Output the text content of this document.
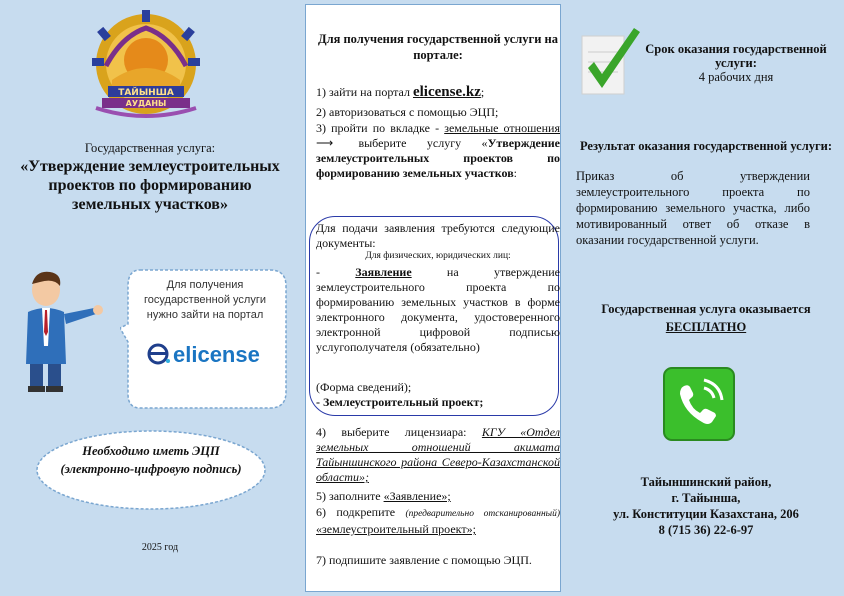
ТАЙЫНША
АУДАНЫ
Государственная услуга:
«Утверждение землеустроительных проектов по формированию земельных участков»
Для получения государственной услуги нужно зайти на портал
elicense
Необходимо иметь ЭЦП (электронно-цифровую подпись)
2025 год
Для получения государственной услуги на портале:
1) зайти на портал elicense.kz;
2) авторизоваться с помощью ЭЦП;
3) пройти по вкладке - земельные отношения ⟶ выберите услугу «Утверждение землеустроительных проектов по формированию земельных участков:
Для подачи заявления требуются следующие документы:
Для физических, юридических лиц:
- Заявление на утверждение землеустроительного проекта по формированию земельных участков в форме электронного документа, удостоверенного электронной цифровой подписью услугополучателя (обязательно)
(Форма сведений);
- Землеустроительный проект;
4) выберите лицензиара: КГУ «Отдел земельных отношений акимата Тайыншинского района Северо-Казахстанской области»;
5) заполните «Заявление»;
6) подкрепите (предварительно отсканированный) «землеустроительный проект»;
7) подпишите заявление с помощью ЭЦП.
Срок оказания государственной услуги:
4 рабочих дня
Результат оказания государственной услуги:
Приказ об утверждении землеустроительного проекта по формированию земельного участка, либо мотивированный ответ об отказе в оказании государственной услуги.
Государственная услуга оказывается БЕСПЛАТНО
Тайыншинский район,
г. Тайынша,
ул. Конституции Казахстана, 206
8 (715 36) 22-6-97
